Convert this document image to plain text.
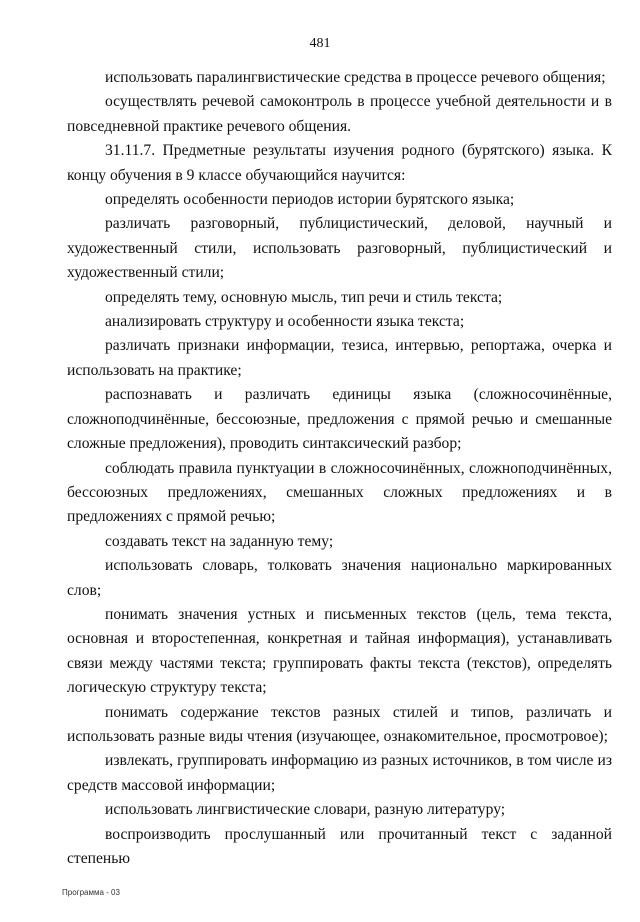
481

использовать паралингвистические средства в процессе речевого общения;

осуществлять речевой самоконтроль в процессе учебной деятельности и в повседневной практике речевого общения.

31.11.7. Предметные результаты изучения родного (бурятского) языка. К концу обучения в 9 классе обучающийся научится:

определять особенности периодов истории бурятского языка;

различать разговорный, публицистический, деловой, научный и художественный стили, использовать разговорный, публицистический и художественный стили;

определять тему, основную мысль, тип речи и стиль текста;

анализировать структуру и особенности языка текста;

различать признаки информации, тезиса, интервью, репортажа, очерка и использовать на практике;

распознавать и различать единицы языка (сложносочинённые, сложноподчинённые, бессоюзные, предложения с прямой речью и смешанные сложные предложения), проводить синтаксический разбор;

соблюдать правила пунктуации в сложносочинённых, сложноподчинённых, бессоюзных предложениях, смешанных сложных предложениях и в предложениях с прямой речью;

создавать текст на заданную тему;

использовать словарь, толковать значения национально маркированных слов;

понимать значения устных и письменных текстов (цель, тема текста, основная и второстепенная, конкретная и тайная информация), устанавливать связи между частями текста; группировать факты текста (текстов), определять логическую структуру текста;

понимать содержание текстов разных стилей и типов, различать и использовать разные виды чтения (изучающее, ознакомительное, просмотровое);

извлекать, группировать информацию из разных источников, в том числе из средств массовой информации;

использовать лингвистические словари, разную литературу;

воспроизводить прослушанный или прочитанный текст с заданной степенью

Программа - 03
